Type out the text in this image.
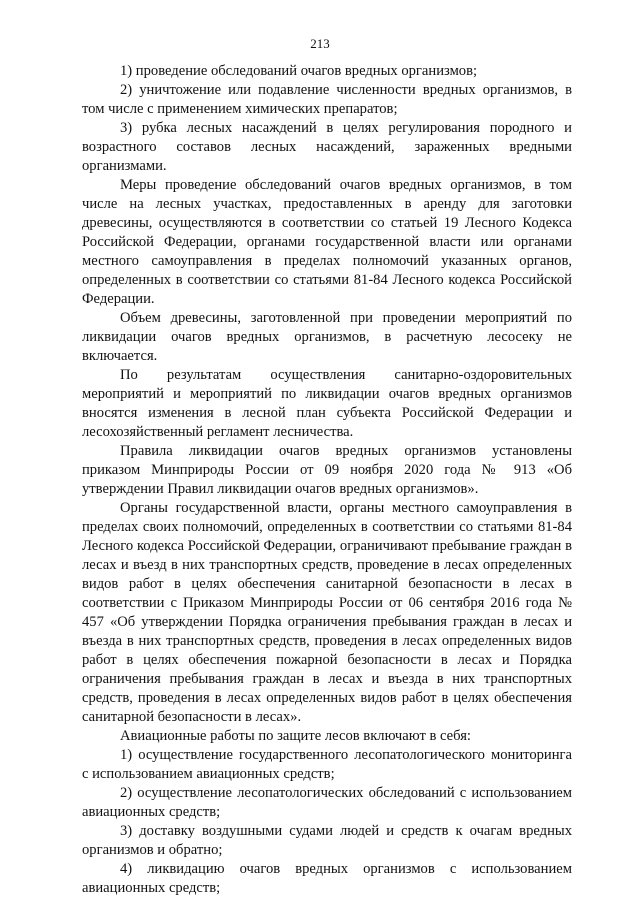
213

1) проведение обследований очагов вредных организмов;

2) уничтожение или подавление численности вредных организмов, в том числе с применением химических препаратов;

3) рубка лесных насаждений в целях регулирования породного и возрастного составов лесных насаждений, зараженных вредными организмами.

Меры проведение обследований очагов вредных организмов, в том числе на лесных участках, предоставленных в аренду для заготовки древесины, осуществляются в соответствии со статьей 19 Лесного Кодекса Российской Федерации, органами государственной власти или органами местного самоуправления в пределах полномочий указанных органов, определенных в соответствии со статьями 81-84 Лесного кодекса Российской Федерации.

Объем древесины, заготовленной при проведении мероприятий по ликвидации очагов вредных организмов, в расчетную лесосеку не включается.

По результатам осуществления санитарно-оздоровительных мероприятий и мероприятий по ликвидации очагов вредных организмов вносятся изменения в лесной план субъекта Российской Федерации и лесохозяйственный регламент лесничества.

Правила ликвидации очагов вредных организмов установлены приказом Минприроды России от 09 ноября 2020 года № 913 «Об утверждении Правил ликвидации очагов вредных организмов».

Органы государственной власти, органы местного самоуправления в пределах своих полномочий, определенных в соответствии со статьями 81-84 Лесного кодекса Российской Федерации, ограничивают пребывание граждан в лесах и въезд в них транспортных средств, проведение в лесах определенных видов работ в целях обеспечения санитарной безопасности в лесах в соответствии с Приказом Минприроды России от 06 сентября 2016 года № 457 «Об утверждении Порядка ограничения пребывания граждан в лесах и въезда в них транспортных средств, проведения в лесах определенных видов работ в целях обеспечения пожарной безопасности в лесах и Порядка ограничения пребывания граждан в лесах и въезда в них транспортных средств, проведения в лесах определенных видов работ в целях обеспечения санитарной безопасности в лесах».

Авиационные работы по защите лесов включают в себя:

1) осуществление государственного лесопатологического мониторинга с использованием авиационных средств;

2) осуществление лесопатологических обследований с использованием авиационных средств;

3) доставку воздушными судами людей и средств к очагам вредных организмов и обратно;

4) ликвидацию очагов вредных организмов с использованием авиационных средств;
